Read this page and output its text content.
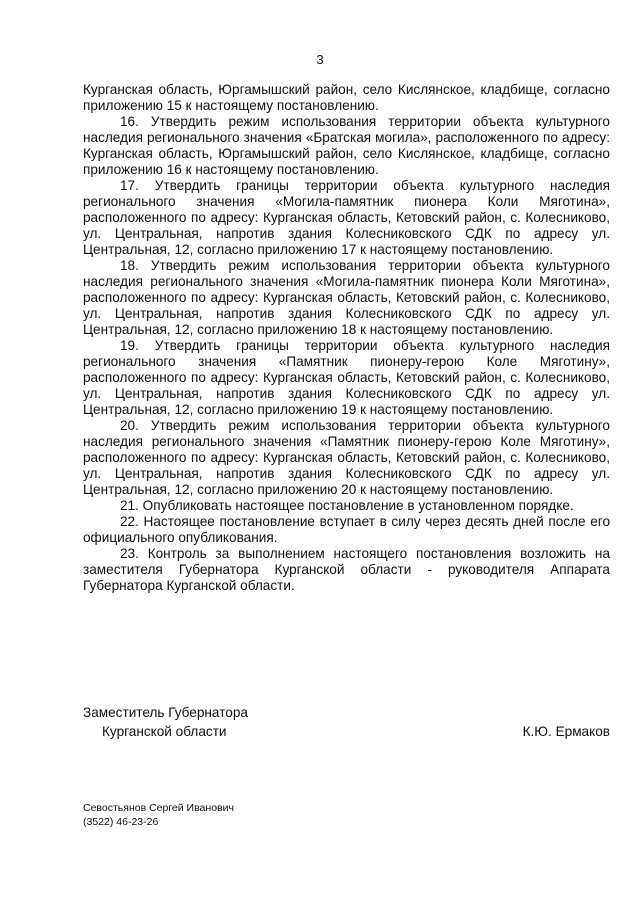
3

Курганская область, Юргамышский район, село Кислянское, кладбище, согласно приложению 15 к настоящему постановлению.

16. Утвердить режим использования территории объекта культурного наследия регионального значения «Братская могила», расположенного по адресу: Курганская область, Юргамышский район, село Кислянское, кладбище, согласно приложению 16 к настоящему постановлению.

17. Утвердить границы территории объекта культурного наследия регионального значения «Могила-памятник пионера Коли Мяготина», расположенного по адресу: Курганская область, Кетовский район, с. Колесниково, ул. Центральная, напротив здания Колесниковского СДК по адресу ул. Центральная, 12, согласно приложению 17 к настоящему постановлению.

18. Утвердить режим использования территории объекта культурного наследия регионального значения «Могила-памятник пионера Коли Мяготина», расположенного по адресу: Курганская область, Кетовский район, с. Колесниково, ул. Центральная, напротив здания Колесниковского СДК по адресу ул. Центральная, 12, согласно приложению 18 к настоящему постановлению.

19. Утвердить границы территории объекта культурного наследия регионального значения «Памятник пионеру-герою Коле Мяготину», расположенного по адресу: Курганская область, Кетовский район, с. Колесниково, ул. Центральная, напротив здания Колесниковского СДК по адресу ул. Центральная, 12, согласно приложению 19 к настоящему постановлению.

20. Утвердить режим использования территории объекта культурного наследия регионального значения «Памятник пионеру-герою Коле Мяготину», расположенного по адресу: Курганская область, Кетовский район, с. Колесниково, ул. Центральная, напротив здания Колесниковского СДК по адресу ул. Центральная, 12, согласно приложению 20 к настоящему постановлению.

21. Опубликовать настоящее постановление в установленном порядке.

22. Настоящее постановление вступает в силу через десять дней после его официального опубликования.

23. Контроль за выполнением настоящего постановления возложить на заместителя Губернатора Курганской области - руководителя Аппарата Губернатора Курганской области.

Заместитель Губернатора
Курганской области	К.Ю. Ермаков
Севостьянов Сергей Иванович
(3522) 46-23-26
